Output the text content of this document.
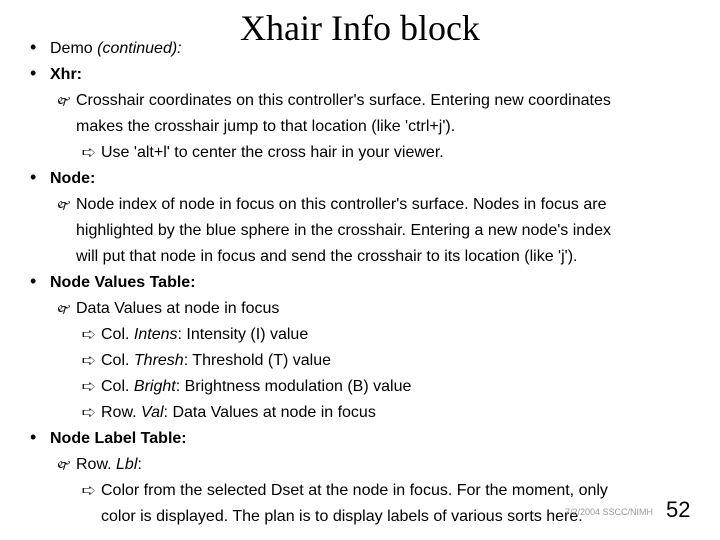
Xhair Info block
• Demo (continued):
• Xhr:
🙰 Crosshair coordinates on this controller's surface. Entering new coordinates
makes the crosshair jump to that location (like 'ctrl+j').
🢧 Use 'alt+l' to center the cross hair in your viewer.
• Node:
🙰 Node index of node in focus on this controller's surface. Nodes in focus are
highlighted by the blue sphere in the crosshair. Entering a new node's index
will put that node in focus and send the crosshair to its location (like 'j').
• Node Values Table:
🙰 Data Values at node in focus
🢧 Col. Intens: Intensity (I) value
🢧 Col. Thresh: Threshold (T) value
🢧 Col. Bright: Brightness modulation (B) value
🢧 Row. Val: Data Values at node in focus
• Node Label Table:
🙰 Row. Lbl:
🢧 Color from the selected Dset at the node in focus. For the moment, only
color is displayed. The plan is to display labels of various sorts here.
7/2/2004 SSCC/NIMH 52
